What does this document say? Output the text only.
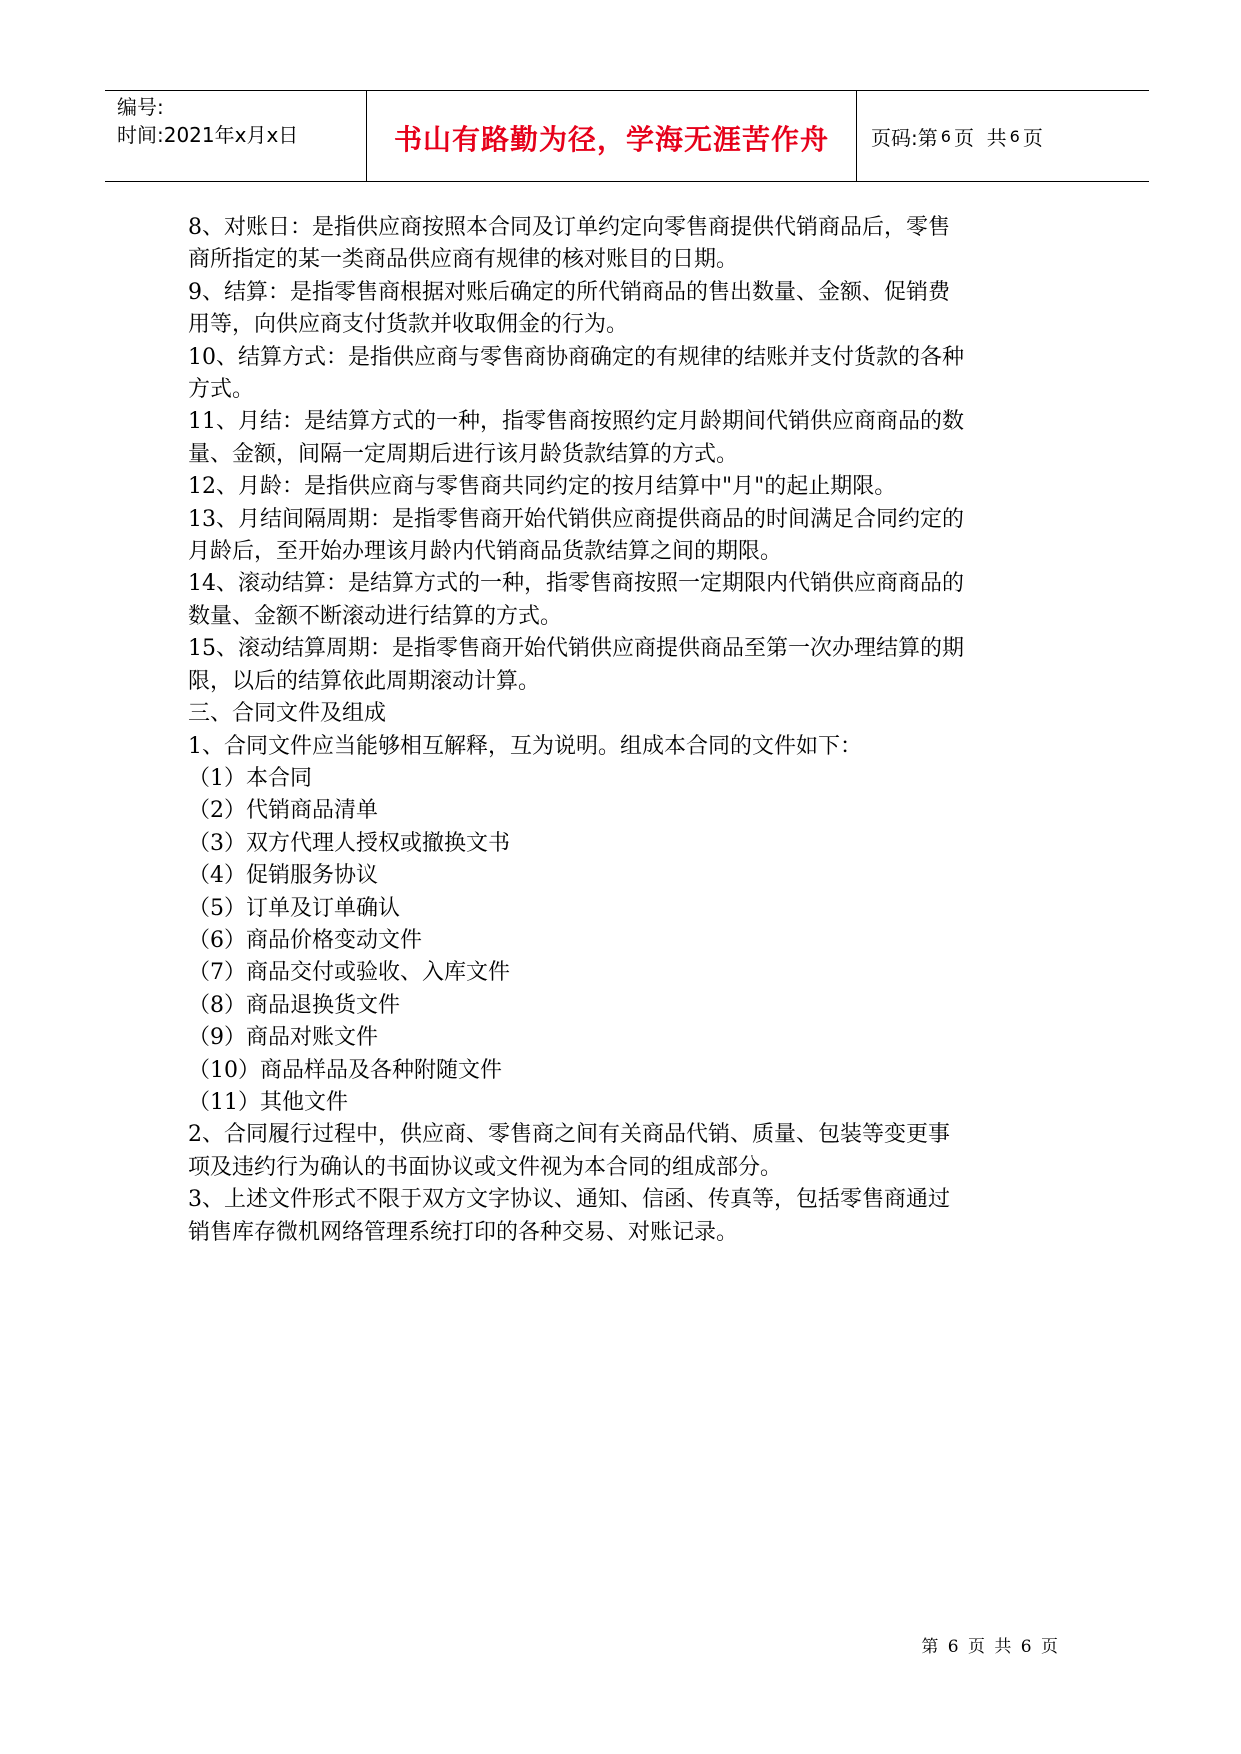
编号:
时间:2021年x月x日	书山有路勤为径，学海无涯苦作舟 页码:第 6 页  共 6 页

8、对账日：是指供应商按照本合同及订单约定向零售商提供代销商品后，零售

商所指定的某一类商品供应商有规律的核对账目的日期。

9、结算：是指零售商根据对账后确定的所代销商品的售出数量、金额、促销费

用等，向供应商支付货款并收取佣金的行为。

10、结算方式：是指供应商与零售商协商确定的有规律的结账并支付货款的各种

方式。

11、月结：是结算方式的一种，指零售商按照约定月龄期间代销供应商商品的数

量、金额，间隔一定周期后进行该月龄货款结算的方式。

12、月龄：是指供应商与零售商共同约定的按月结算中"月"的起止期限。

13、月结间隔周期：是指零售商开始代销供应商提供商品的时间满足合同约定的

月龄后，至开始办理该月龄内代销商品货款结算之间的期限。

14、滚动结算：是结算方式的一种，指零售商按照一定期限内代销供应商商品的

数量、金额不断滚动进行结算的方式。

15、滚动结算周期：是指零售商开始代销供应商提供商品至第一次办理结算的期

限，以后的结算依此周期滚动计算。

三、合同文件及组成

1、合同文件应当能够相互解释，互为说明。组成本合同的文件如下：

（1）本合同

（2）代销商品清单

（3）双方代理人授权或撤换文书

（4）促销服务协议

（5）订单及订单确认

（6）商品价格变动文件

（7）商品交付或验收、入库文件

（8）商品退换货文件

（9）商品对账文件

（10）商品样品及各种附随文件

（11）其他文件

2、合同履行过程中，供应商、零售商之间有关商品代销、质量、包装等变更事

项及违约行为确认的书面协议或文件视为本合同的组成部分。

3、上述文件形式不限于双方文字协议、通知、信函、传真等，包括零售商通过

销售库存微机网络管理系统打印的各种交易、对账记录。

第 6 页 共 6 页
